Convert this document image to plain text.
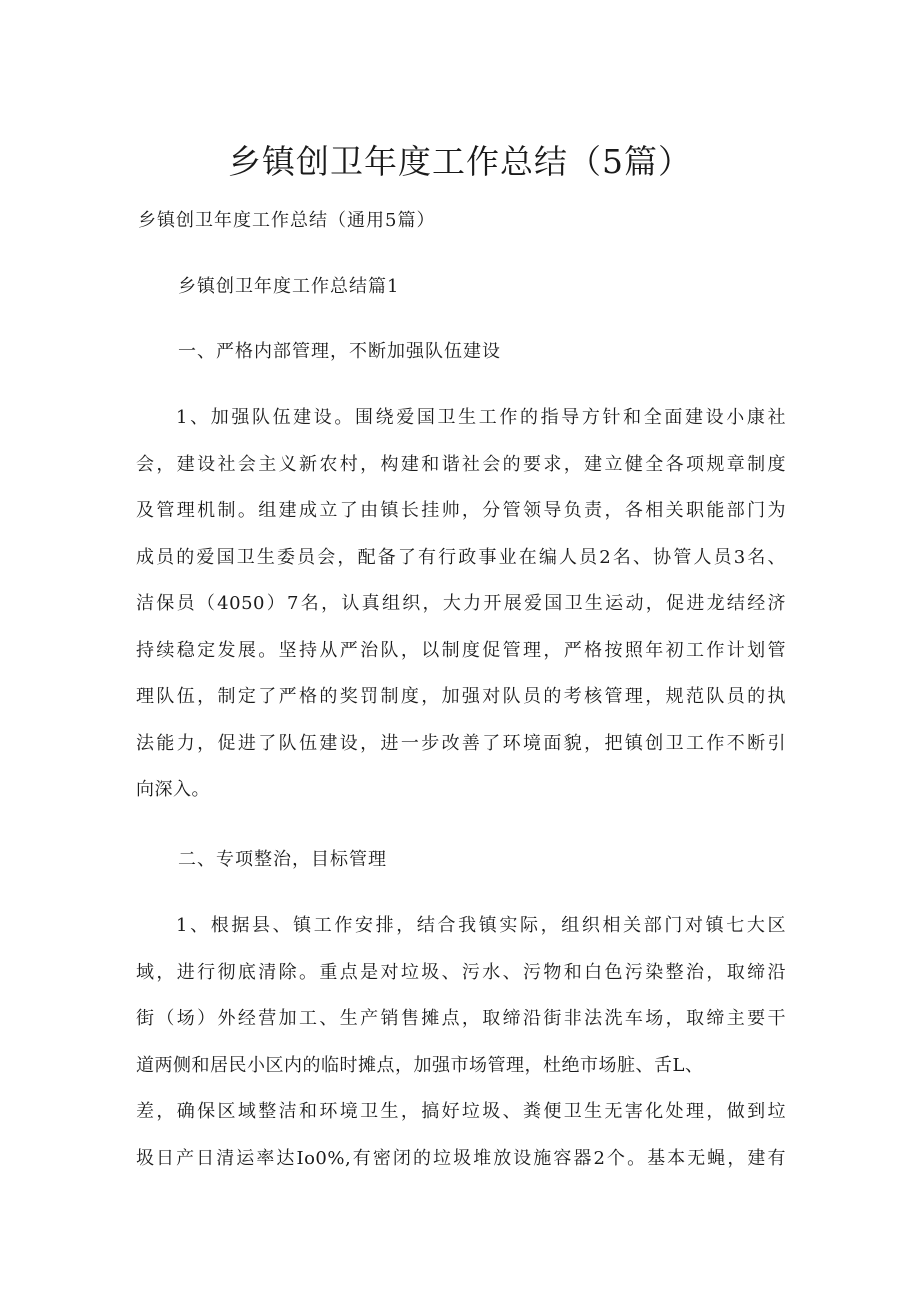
乡镇创卫年度工作总结（5篇）

乡镇创卫年度工作总结（通用5篇）

乡镇创卫年度工作总结篇1
一、严格内部管理，不断加强队伍建设
1、加强队伍建设。围绕爱国卫生工作的指导方针和全面建设小康社
会，建设社会主义新农村，构建和谐社会的要求，建立健全各项规章制度
及管理机制。组建成立了由镇长挂帅，分管领导负责，各相关职能部门为
成员的爱国卫生委员会，配备了有行政事业在编人员2名、协管人员3名、
洁保员（4050）7名，认真组织，大力开展爱国卫生运动，促进龙结经济
持续稳定发展。坚持从严治队，以制度促管理，严格按照年初工作计划管
理队伍，制定了严格的奖罚制度，加强对队员的考核管理，规范队员的执
法能力，促进了队伍建设，进一步改善了环境面貌，把镇创卫工作不断引
向深入。
二、专项整治，目标管理
1、根据县、镇工作安排，结合我镇实际，组织相关部门对镇七大区
域，进行彻底清除。重点是对垃圾、污水、污物和白色污染整治，取缔沿
街（场）外经营加工、生产销售摊点，取缔沿街非法洗车场，取缔主要干
道两侧和居民小区内的临时摊点，加强市场管理，杜绝市场脏、舌L、
差，确保区域整洁和环境卫生，搞好垃圾、粪便卫生无害化处理，做到垃
圾日产日清运率达Io0%,有密闭的垃圾堆放设施容器2个。基本无蝇，建有
